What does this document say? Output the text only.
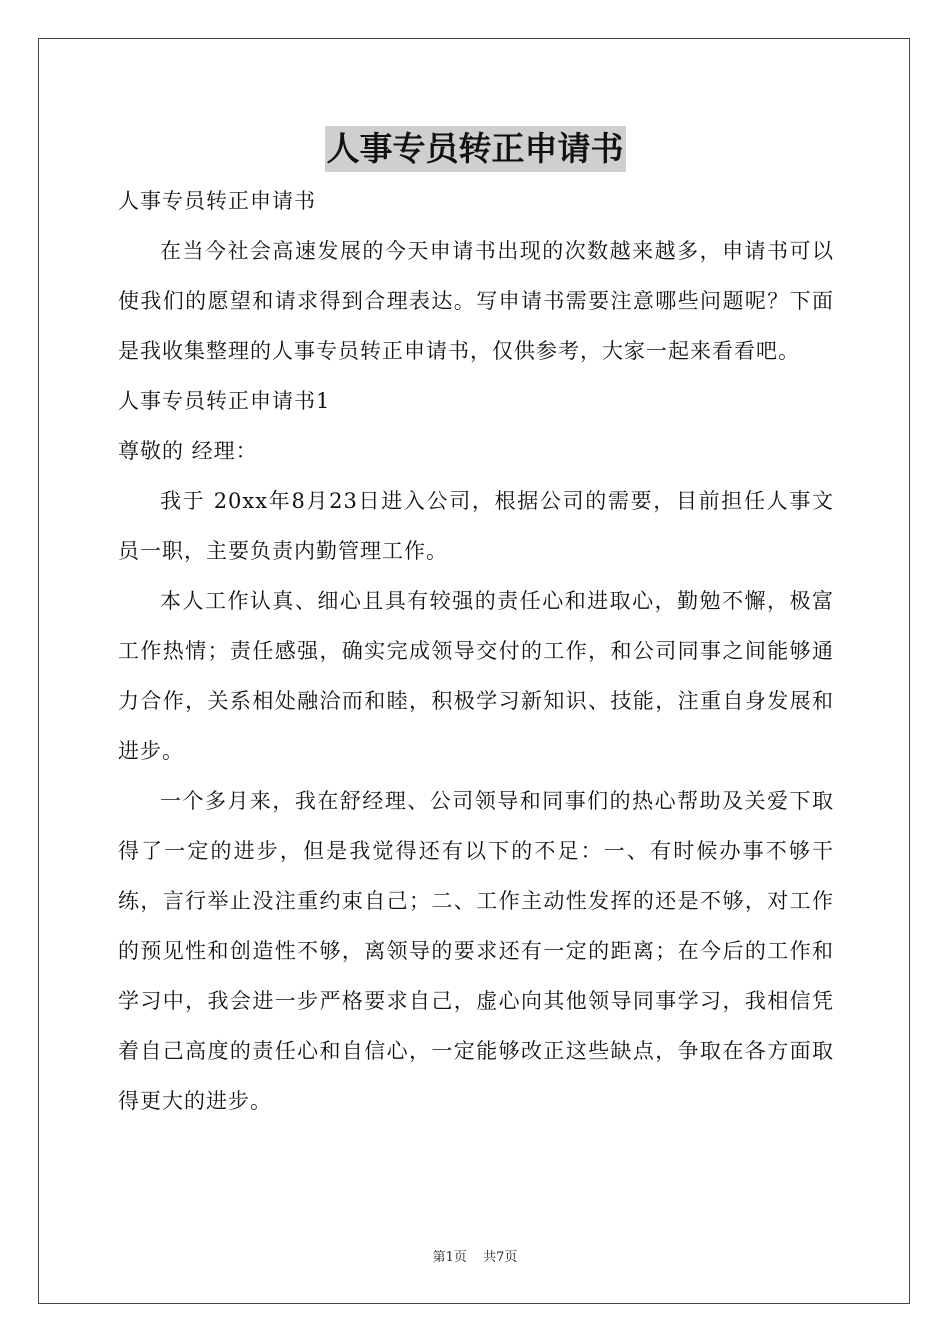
人事专员转正申请书

人事专员转正申请书

在当今社会高速发展的今天申请书出现的次数越来越多，申请书可以使我们的愿望和请求得到合理表达。写申请书需要注意哪些问题呢？下面是我收集整理的人事专员转正申请书，仅供参考，大家一起来看看吧。

人事专员转正申请书1

尊敬的 经理：

我于 20xx年8月23日进入公司，根据公司的需要，目前担任人事文员一职，主要负责内勤管理工作。

本人工作认真、细心且具有较强的责任心和进取心，勤勉不懈，极富工作热情；责任感强，确实完成领导交付的工作，和公司同事之间能够通力合作，关系相处融洽而和睦，积极学习新知识、技能，注重自身发展和进步。

一个多月来，我在舒经理、公司领导和同事们的热心帮助及关爱下取得了一定的进步，但是我觉得还有以下的不足：一、有时候办事不够干练，言行举止没注重约束自己；二、工作主动性发挥的还是不够，对工作的预见性和创造性不够，离领导的要求还有一定的距离；在今后的工作和学习中，我会进一步严格要求自己，虚心向其他领导同事学习，我相信凭着自己高度的责任心和自信心，一定能够改正这些缺点，争取在各方面取得更大的进步。

第1页 共7页
